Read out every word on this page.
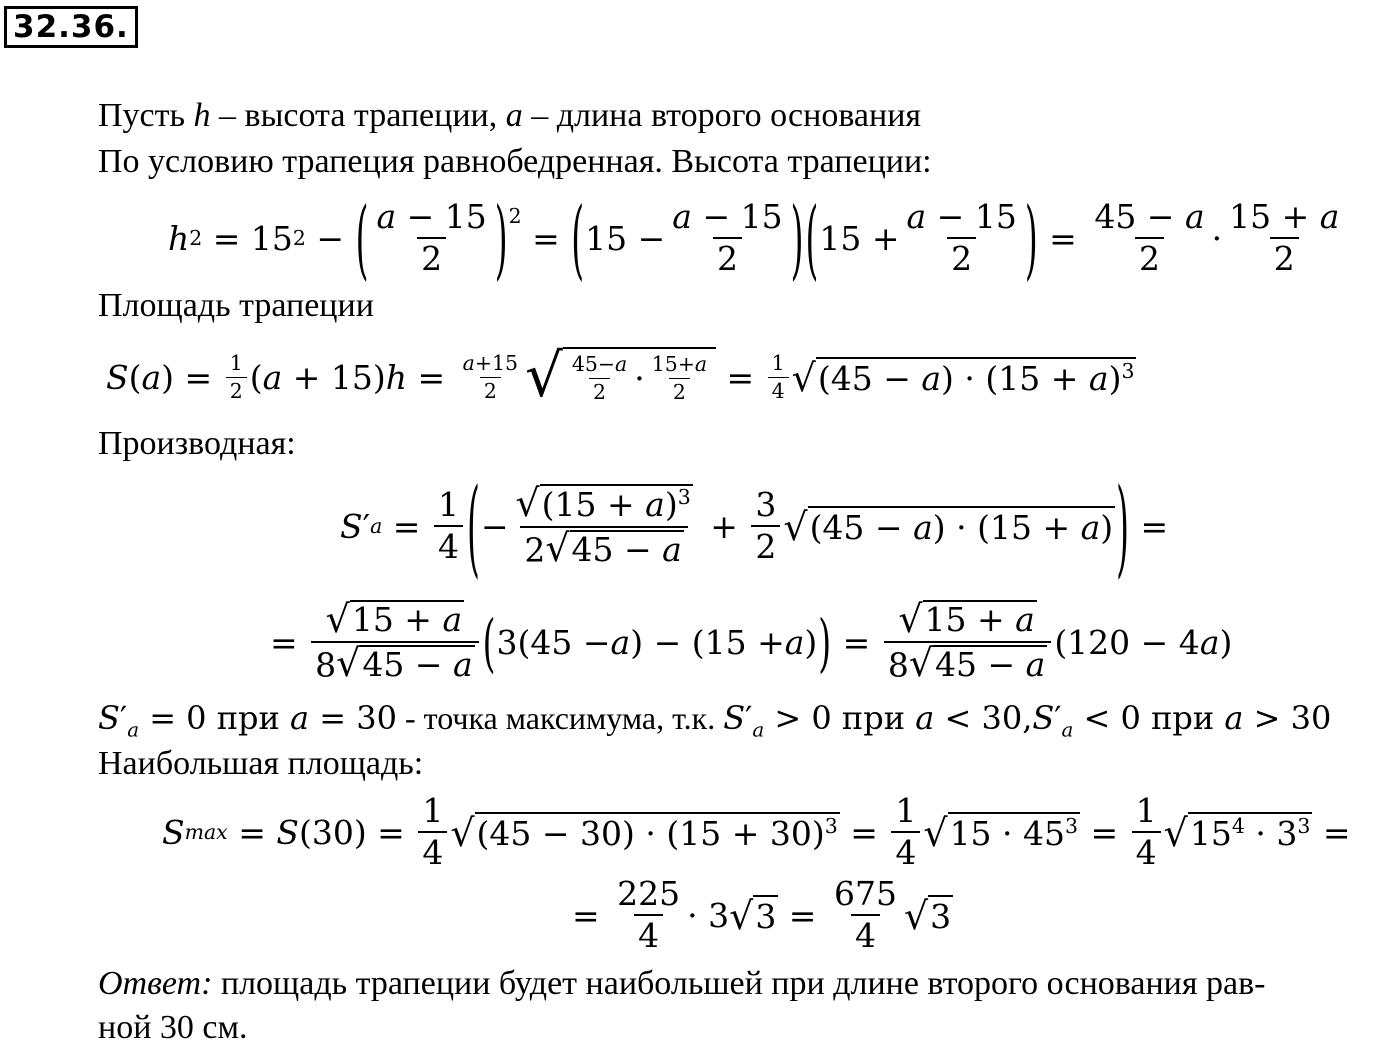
32.36.
Пусть h – высота трапеции, a – длина второго основания
По условию трапеция равнобедренная. Высота трапеции:
h 2 = 15 2 − ( $\frac{a - 15}{2}$ ) 2
= ( $15 - \frac{a - 15}{2}$ ) ( $15 + \frac{a - 15}{2}$ ) = $\frac{45 - a}{2} \cdot \frac{15 + a}{2}$
Площадь трапеции
S ( a ) = $\frac{1}{2}$ ( a + 15) $h = \frac{a+15}{2}$ √ $\frac{45-a}{2} \cdot \frac{15+a}{2} = \frac{1}{4}$ √ $(45 - a) \cdot (15 + a)^3$
Производная:
S ′ $a = \frac{1}{4}$ ( − $\frac{√ (15 + a)^3}{2 √ 45 - a} + \frac{3}{2}$ √ (45 − a) · (15 + a) ) =
= $\frac{√ 15 + a}{8 √ 45 - a}$ ( 3(45 − a ) − (15 + a ) ) = $\frac{√ 15 + a}{8 √ 45 - a} (120 - 4$ a )
$S'_a = 0$ при a = 30 - точка максимума, т.к. $S'_a > 0$ при $a < 30,S'_a < 0$ при a > 30
Наибольшая площадь:
S max = S $(30) = \frac{1}{4}$ √ $(45 - 30) \cdot (15 + 30)^3 = \frac{1}{4}$ √ $15 \cdot 45^3 = \frac{1}{4}$ √ $15^4 \cdot 3^3$ =
= $\frac{225}{4} \cdot 3$ √ $3 = \frac{675}{4}$ √ 3
Ответ: площадь трапеции будет наибольшей при длине второго основания рав-
ной 30 см.
